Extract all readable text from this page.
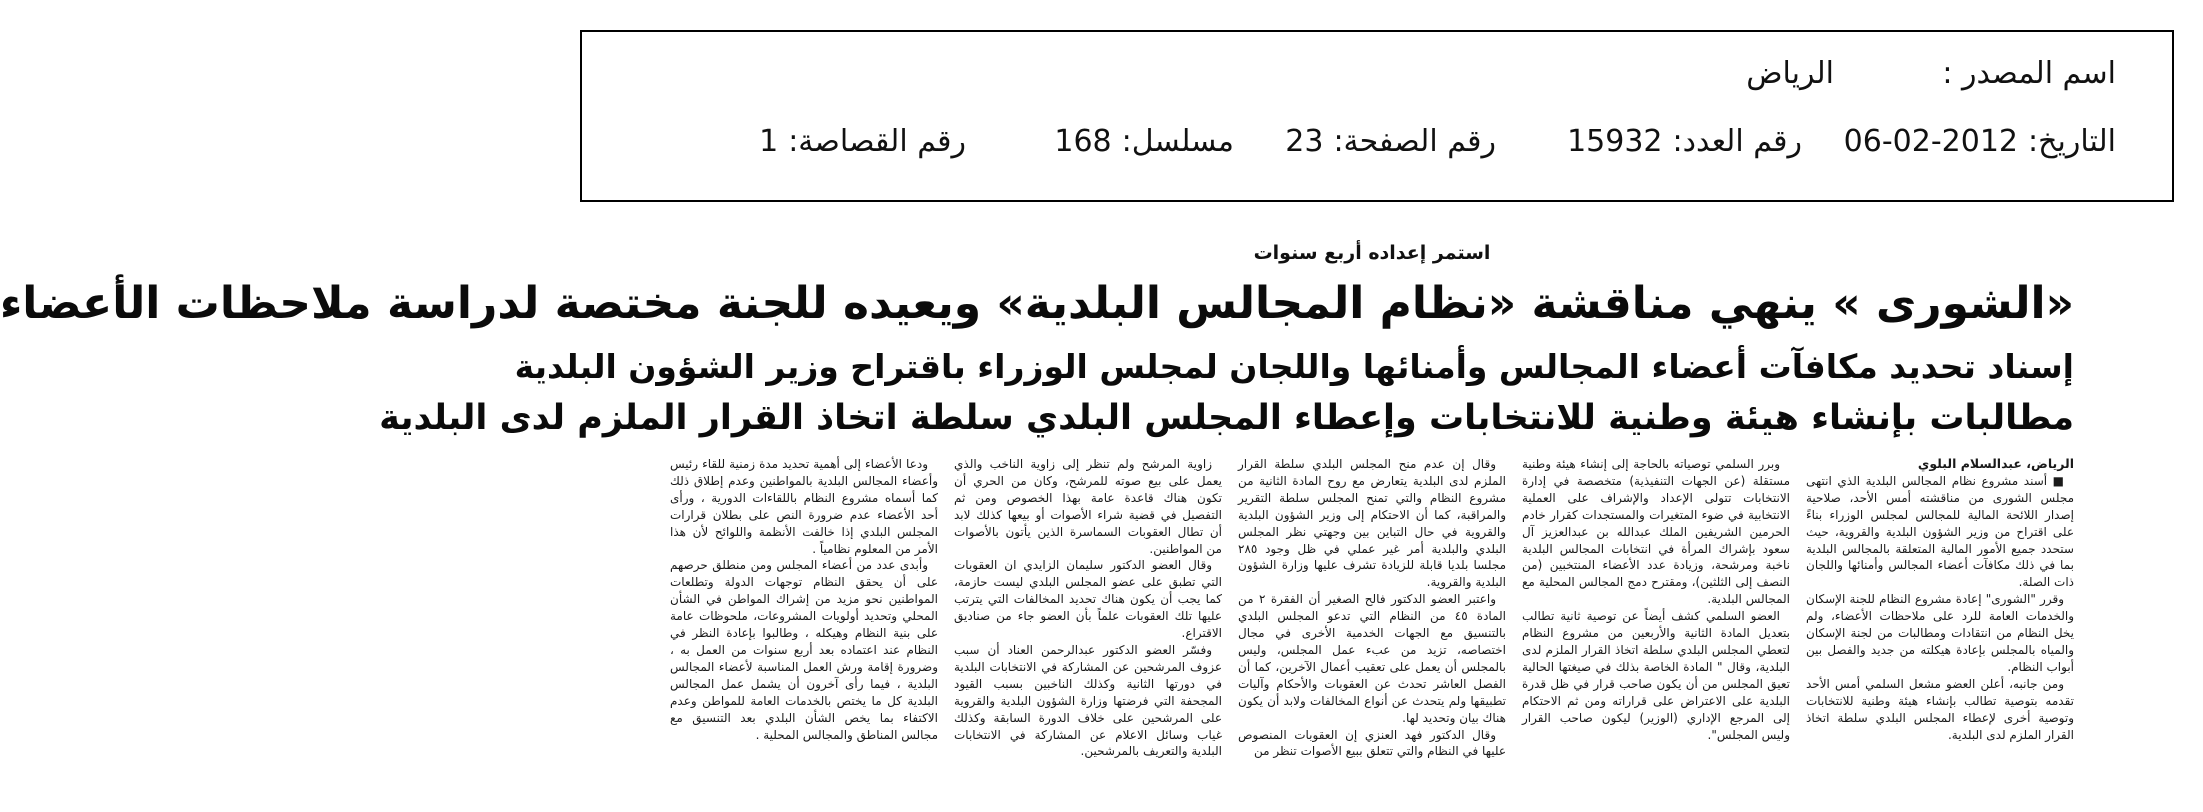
اسم المصدر :
الرياض
التاريخ:2012-02-06
رقم العدد:15932
رقم الصفحة:23
مسلسل:168
رقم القصاصة:1
استمر إعداده أربع سنوات
«الشورى » ينهي مناقشة «نظام المجالس البلدية» ويعيده للجنة مختصة لدراسة ملاحظات الأعضاء
إسناد تحديد مكافآت أعضاء المجالس وأمنائها واللجان لمجلس الوزراء باقتراح وزير الشؤون البلدية
مطالبات بإنشاء هيئة وطنية للانتخابات وإعطاء المجلس البلدي سلطة اتخاذ القرار الملزم لدى البلدية

الرياض، عبدالسلام البلوي

■ أسند مشروع نظام المجالس البلدية الذي انتهى مجلس الشورى من مناقشته أمس الأحد، صلاحية إصدار اللائحة المالية للمجالس لمجلس الوزراء بناءً على اقتراح من وزير الشؤون البلدية والقروية، حيث ستحدد جميع الأمور المالية المتعلقة بالمجالس البلدية بما في ذلك مكافآت أعضاء المجالس وأمنائها واللجان ذات الصلة.

وقرر "الشورى" إعادة مشروع النظام للجنة الإسكان والخدمات العامة للرد على ملاحظات الأعضاء، ولم يخل النظام من انتقادات ومطالبات من لجنة الإسكان والمياه بالمجلس بإعادة هيكلته من جديد والفصل بين أبواب النظام.

ومن جانبه، أعلن العضو مشعل السلمي أمس الأحد تقدمه بتوصية تطالب بإنشاء هيئة وطنية للانتخابات وتوصية أخرى لإعطاء المجلس البلدي سلطة اتخاذ القرار الملزم لدى البلدية.

وبرر السلمي توصياته بالحاجة إلى إنشاء هيئة وطنية مستقلة (عن الجهات التنفيذية) متخصصة في إدارة الانتخابات تتولى الإعداد والإشراف على العملية الانتخابية في ضوء المتغيرات والمستجدات كقرار خادم الحرمين الشريفين الملك عبدالله بن عبدالعزيز آل سعود بإشراك المرأة في انتخابات المجالس البلدية ناخبة ومرشحة، وزيادة عدد الأعضاء المنتخبين (من النصف إلى الثلثين)، ومقترح دمج المجالس المحلية مع المجالس البلدية.

العضو السلمي كشف أيضاً عن توصية ثانية تطالب بتعديل المادة الثانية والأربعين من مشروع النظام لتعطي المجلس البلدي سلطة اتخاذ القرار الملزم لدى البلدية، وقال " المادة الخاصة بذلك في صيغتها الحالية تعيق المجلس من أن يكون صاحب قرار في ظل قدرة البلدية على الاعتراض على قراراته ومن ثم الاحتكام إلى المرجع الإداري (الوزير) ليكون صاحب القرار وليس المجلس".

وقال إن عدم منح المجلس البلدي سلطة القرار الملزم لدى البلدية يتعارض مع روح المادة الثانية من مشروع النظام والتي تمنح المجلس سلطة التقرير والمراقبة، كما أن الاحتكام إلى وزير الشؤون البلدية والقروية في حال التباين بين وجهتي نظر المجلس البلدي والبلدية أمر غير عملي في ظل وجود ٢٨٥ مجلسا بلديا قابلة للزيادة تشرف عليها وزارة الشؤون البلدية والقروية.

واعتبر العضو الدكتور فالح الصغير أن الفقرة ٢ من المادة ٤٥ من النظام التي تدعو المجلس البلدي بالتنسيق مع الجهات الخدمية الأخرى في مجال اختصاصه، تزيد من عبء عمل المجلس، وليس بالمجلس أن يعمل على تعقيب أعمال الآخرين، كما أن الفصل العاشر تحدث عن العقوبات والأحكام وآليات تطبيقها ولم يتحدث عن أنواع المخالفات ولابد أن يكون هناك بيان وتحديد لها.

وقال الدكتور فهد العنزي إن العقوبات المنصوص عليها في النظام والتي تتعلق ببيع الأصوات تنظر من

زاوية المرشح ولم تنظر إلى زاوية الناخب والذي يعمل على بيع صوته للمرشح، وكان من الحري أن تكون هناك قاعدة عامة بهذا الخصوص ومن ثم التفصيل في قضية شراء الأصوات أو بيعها كذلك لابد أن تطال العقوبات السماسرة الذين يأتون بالأصوات من المواطنين.

وقال العضو الدكتور سليمان الزايدي ان العقوبات التي تطبق على عضو المجلس البلدي ليست حازمة، كما يجب أن يكون هناك تحديد المخالفات التي يترتب عليها تلك العقوبات علماً بأن العضو جاء من صناديق الاقتراع.

وفسّر العضو الدكتور عبدالرحمن العناد أن سبب عزوف المرشحين عن المشاركة في الانتخابات البلدية في دورتها الثانية وكذلك الناخبين بسبب القيود المجحفة التي فرضتها وزارة الشؤون البلدية والقروية على المرشحين على خلاف الدورة السابقة وكذلك غياب وسائل الاعلام عن المشاركة في الانتخابات البلدية والتعريف بالمرشحين.

ودعا الأعضاء إلى أهمية تحديد مدة زمنية للقاء رئيس وأعضاء المجالس البلدية بالمواطنين وعدم إطلاق ذلك كما أسماه مشروع النظام باللقاءات الدورية ، ورأى أحد الأعضاء عدم ضرورة النص على بطلان قرارات المجلس البلدي إذا خالفت الأنظمة واللوائح لأن هذا الأمر من المعلوم نظامياً .

وأبدى عدد من أعضاء المجلس ومن منطلق حرصهم على أن يحقق النظام توجهات الدولة وتطلعات المواطنين نحو مزيد من إشراك المواطن في الشأن المحلي وتحديد أولويات المشروعات، ملحوظات عامة على بنية النظام وهيكله ، وطالبوا بإعادة النظر في النظام عند اعتماده بعد أربع سنوات من العمل به ، وضرورة إقامة ورش العمل المناسبة لأعضاء المجالس البلدية ، فيما رأى آخرون أن يشمل عمل المجالس البلدية كل ما يختص بالخدمات العامة للمواطن وعدم الاكتفاء بما يخص الشأن البلدي بعد التنسيق مع مجالس المناطق والمجالس المحلية .
